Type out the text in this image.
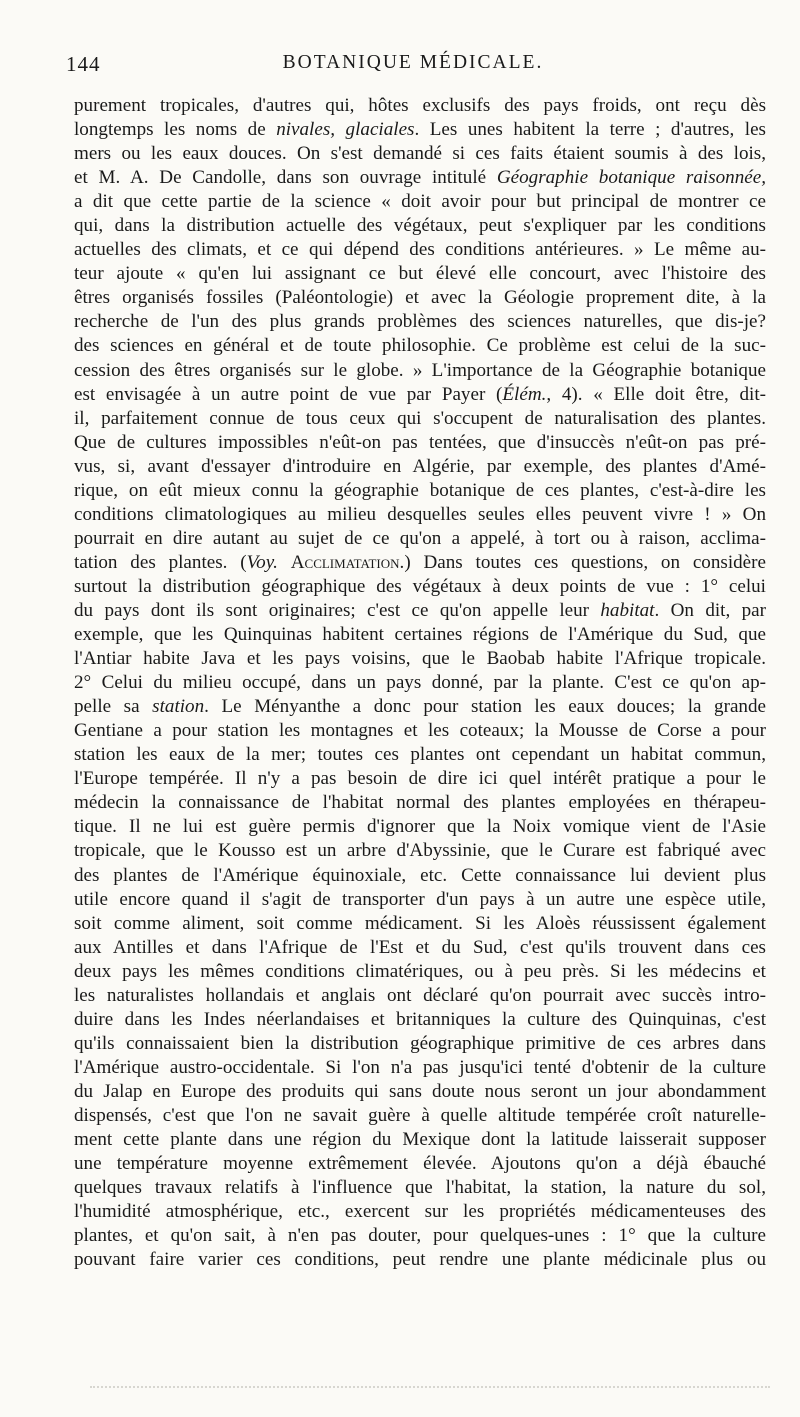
144	BOTANIQUE MÉDICALE.
purement tropicales, d'autres qui, hôtes exclusifs des pays froids, ont reçu dès
longtemps les noms de nivales, glaciales. Les unes habitent la terre ; d'autres, les
mers ou les eaux douces. On s'est demandé si ces faits étaient soumis à des lois,
et M. A. De Candolle, dans son ouvrage intitulé Géographie botanique raisonnée,
a dit que cette partie de la science « doit avoir pour but principal de montrer ce
qui, dans la distribution actuelle des végétaux, peut s'expliquer par les conditions
actuelles des climats, et ce qui dépend des conditions antérieures. » Le même au-
teur ajoute « qu'en lui assignant ce but élevé elle concourt, avec l'histoire des
êtres organisés fossiles (Paléontologie) et avec la Géologie proprement dite, à la
recherche de l'un des plus grands problèmes des sciences naturelles, que dis-je?
des sciences en général et de toute philosophie. Ce problème est celui de la suc-
cession des êtres organisés sur le globe. » L'importance de la Géographie botanique
est envisagée à un autre point de vue par Payer (Élém., 4). « Elle doit être, dit-
il, parfaitement connue de tous ceux qui s'occupent de naturalisation des plantes.
Que de cultures impossibles n'eût-on pas tentées, que d'insuccès n'eût-on pas pré-
vus, si, avant d'essayer d'introduire en Algérie, par exemple, des plantes d'Amé-
rique, on eût mieux connu la géographie botanique de ces plantes, c'est-à-dire les
conditions climatologiques au milieu desquelles seules elles peuvent vivre ! » On
pourrait en dire autant au sujet de ce qu'on a appelé, à tort ou à raison, acclima-
tation des plantes. (Voy. Acclimatation.) Dans toutes ces questions, on considère
surtout la distribution géographique des végétaux à deux points de vue : 1° celui
du pays dont ils sont originaires; c'est ce qu'on appelle leur habitat. On dit, par
exemple, que les Quinquinas habitent certaines régions de l'Amérique du Sud, que
l'Antiar habite Java et les pays voisins, que le Baobab habite l'Afrique tropicale.
2° Celui du milieu occupé, dans un pays donné, par la plante. C'est ce qu'on ap-
pelle sa station. Le Ményanthe a donc pour station les eaux douces; la grande
Gentiane a pour station les montagnes et les coteaux; la Mousse de Corse a pour
station les eaux de la mer; toutes ces plantes ont cependant un habitat commun,
l'Europe tempérée. Il n'y a pas besoin de dire ici quel intérêt pratique a pour le
médecin la connaissance de l'habitat normal des plantes employées en thérapeu-
tique. Il ne lui est guère permis d'ignorer que la Noix vomique vient de l'Asie
tropicale, que le Kousso est un arbre d'Abyssinie, que le Curare est fabriqué avec
des plantes de l'Amérique équinoxiale, etc. Cette connaissance lui devient plus
utile encore quand il s'agit de transporter d'un pays à un autre une espèce utile,
soit comme aliment, soit comme médicament. Si les Aloès réussissent également
aux Antilles et dans l'Afrique de l'Est et du Sud, c'est qu'ils trouvent dans ces
deux pays les mêmes conditions climatériques, ou à peu près. Si les médecins et
les naturalistes hollandais et anglais ont déclaré qu'on pourrait avec succès intro-
duire dans les Indes néerlandaises et britanniques la culture des Quinquinas, c'est
qu'ils connaissaient bien la distribution géographique primitive de ces arbres dans
l'Amérique austro-occidentale. Si l'on n'a pas jusqu'ici tenté d'obtenir de la culture
du Jalap en Europe des produits qui sans doute nous seront un jour abondamment
dispensés, c'est que l'on ne savait guère à quelle altitude tempérée croît naturelle-
ment cette plante dans une région du Mexique dont la latitude laisserait supposer
une température moyenne extrêmement élevée. Ajoutons qu'on a déjà ébauché
quelques travaux relatifs à l'influence que l'habitat, la station, la nature du sol,
l'humidité atmosphérique, etc., exercent sur les propriétés médicamenteuses des
plantes, et qu'on sait, à n'en pas douter, pour quelques-unes : 1° que la culture
pouvant faire varier ces conditions, peut rendre une plante médicinale plus ou
